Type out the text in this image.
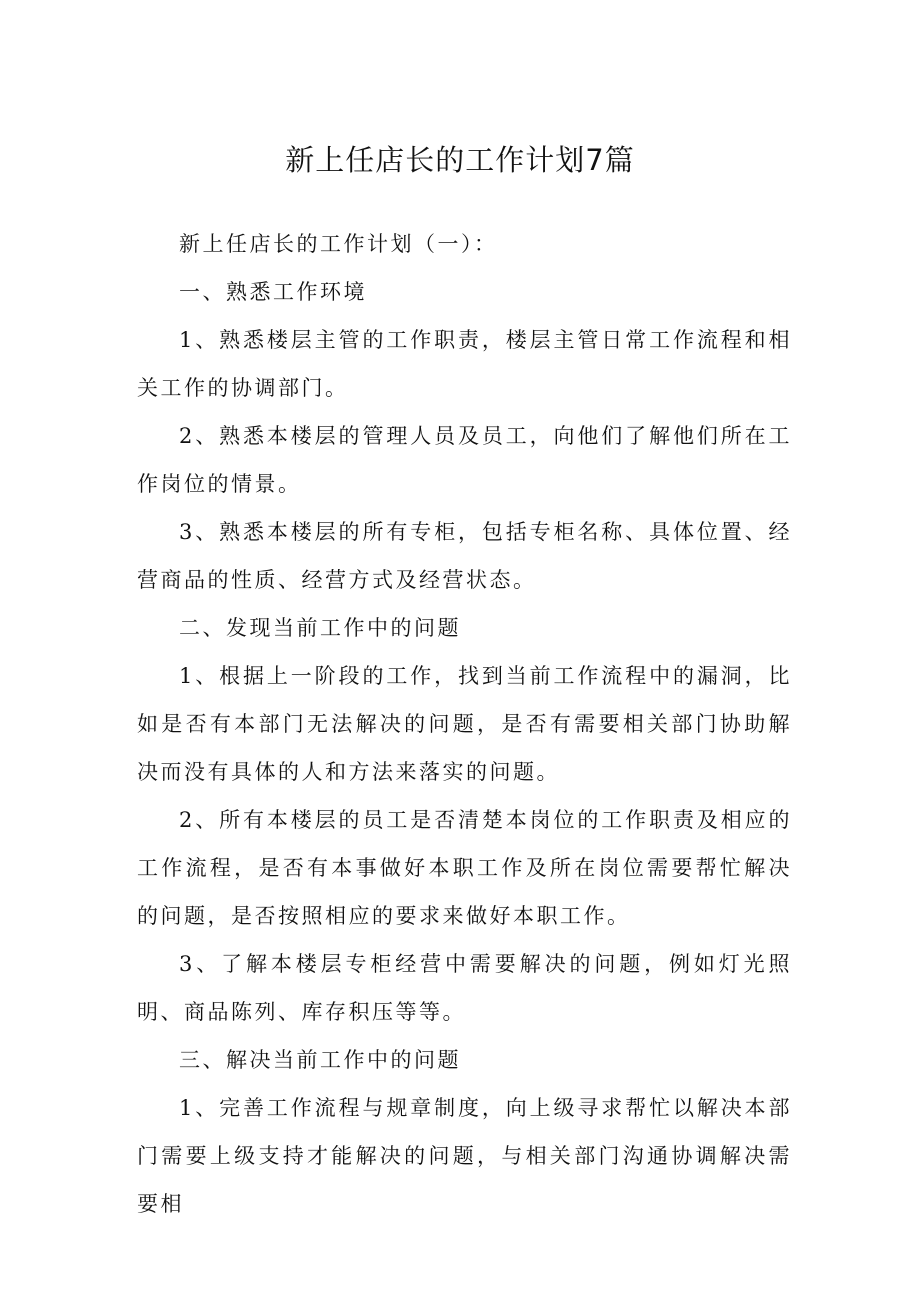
新上任店长的工作计划7篇

新上任店长的工作计划（一）：

一、熟悉工作环境

1、熟悉楼层主管的工作职责，楼层主管日常工作流程和相关工作的协调部门。

2、熟悉本楼层的管理人员及员工，向他们了解他们所在工作岗位的情景。

3、熟悉本楼层的所有专柜，包括专柜名称、具体位置、经营商品的性质、经营方式及经营状态。

二、发现当前工作中的问题

1、根据上一阶段的工作，找到当前工作流程中的漏洞，比如是否有本部门无法解决的问题，是否有需要相关部门协助解决而没有具体的人和方法来落实的问题。

2、所有本楼层的员工是否清楚本岗位的工作职责及相应的工作流程，是否有本事做好本职工作及所在岗位需要帮忙解决的问题，是否按照相应的要求来做好本职工作。

3、了解本楼层专柜经营中需要解决的问题，例如灯光照明、商品陈列、库存积压等等。

三、解决当前工作中的问题

1、完善工作流程与规章制度，向上级寻求帮忙以解决本部门需要上级支持才能解决的问题，与相关部门沟通协调解决需要相
